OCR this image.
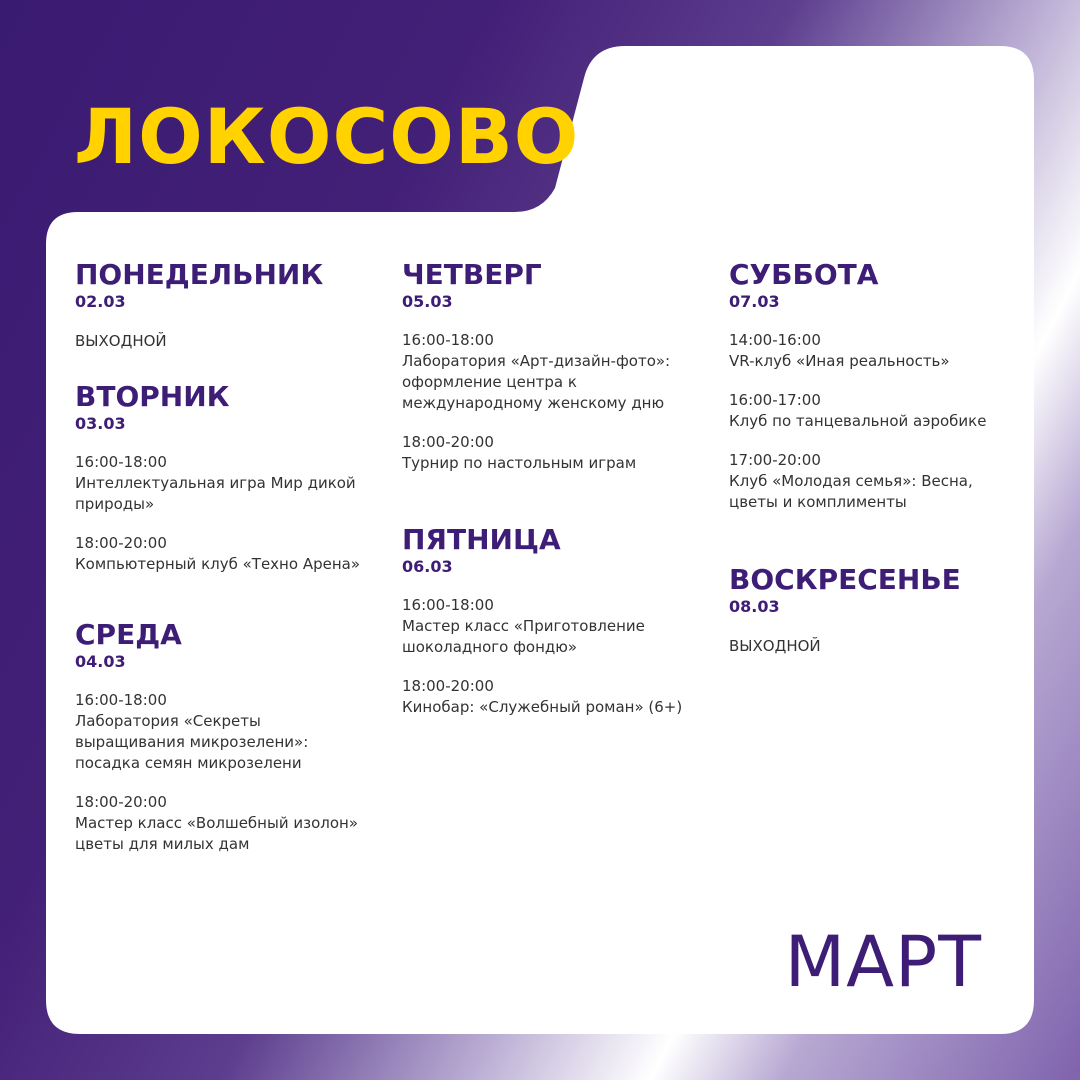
ЛОКОСОВО
ПОНЕДЕЛЬНИК
02.03
ВЫХОДНОЙ
ВТОРНИК
03.03
16:00-18:00
Интеллектуальная игра Мир дикой природы»
18:00-20:00
Компьютерный клуб «Техно Арена»
СРЕДА
04.03
16:00-18:00
Лаборатория «Секреты выращивания микрозелени»: посадка семян микрозелени
18:00-20:00
Мастер класс «Волшебный изолон» цветы для милых дам
ЧЕТВЕРГ
05.03
16:00-18:00
Лаборатория «Арт-дизайн-фото»: оформление центра к международному женскому дню
18:00-20:00
Турнир по настольным играм
ПЯТНИЦА
06.03
16:00-18:00
Мастер класс «Приготовление шоколадного фондю»
18:00-20:00
Кинобар: «Служебный роман» (6+)
СУББОТА
07.03
14:00-16:00
VR-клуб «Иная реальность»
16:00-17:00
Клуб по танцевальной аэробике
17:00-20:00
Клуб «Молодая семья»: Весна, цветы и комплименты
ВОСКРЕСЕНЬЕ
08.03
ВЫХОДНОЙ
МАРТ
